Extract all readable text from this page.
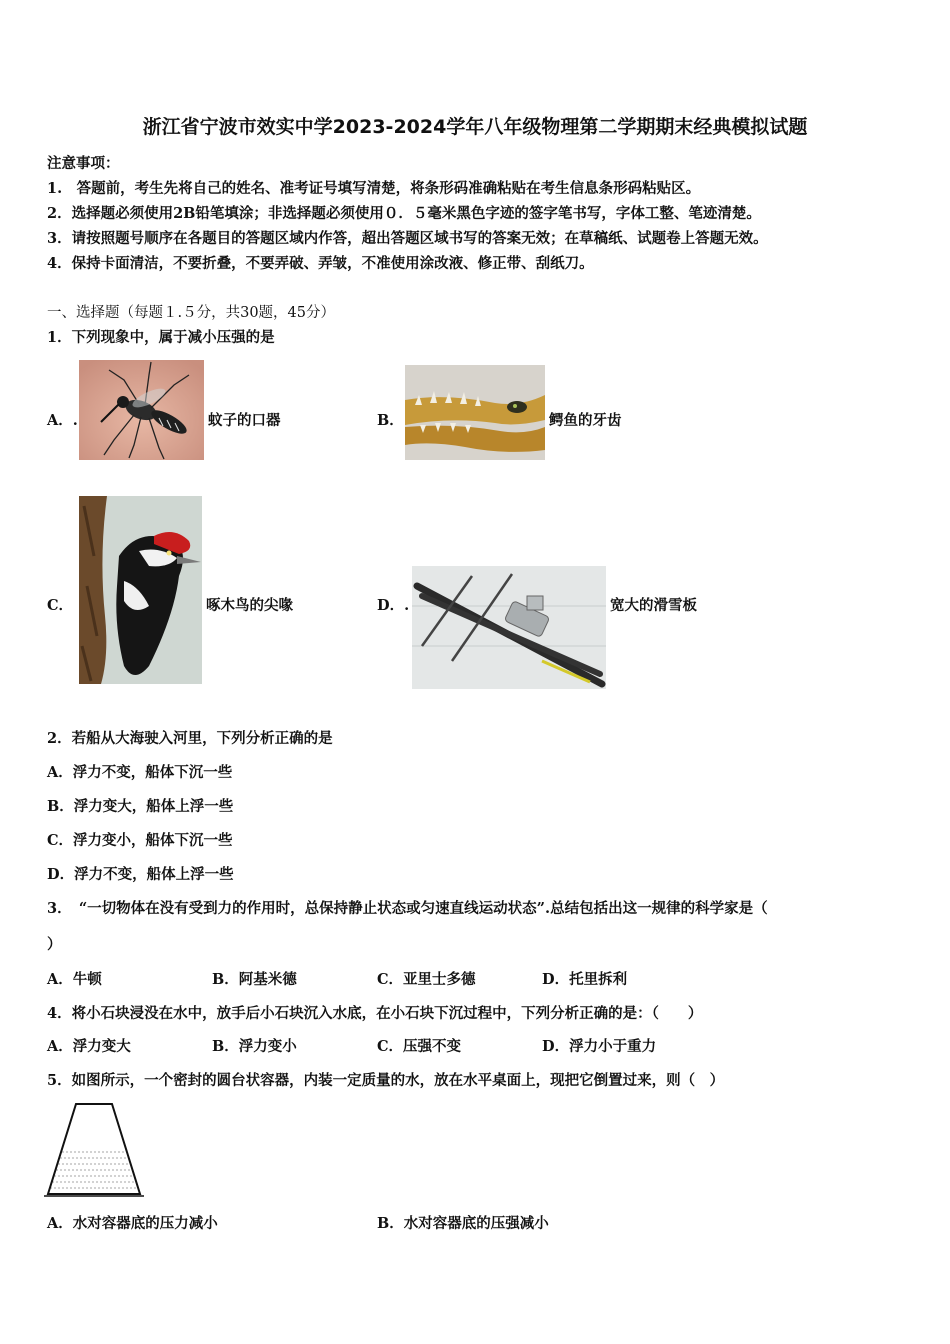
浙江省宁波市效实中学2023-2024学年八年级物理第二学期期末经典模拟试题
注意事项：
1.　答题前，考生先将自己的姓名、准考证号填写清楚，将条形码准确粘贴在考生信息条形码粘贴区。
2．选择题必须使用2B铅笔填涂；非选择题必须使用０．５毫米黑色字迹的签字笔书写，字体工整、笔迹清楚。
3．请按照题号顺序在各题目的答题区域内作答，超出答题区域书写的答案无效；在草稿纸、试题卷上答题无效。
4．保持卡面清洁，不要折叠，不要弄破、弄皱，不准使用涂改液、修正带、刮纸刀。
一、选择题（每题１.５分，共30题，45分）
1．下列现象中，属于减小压强的是
A．.	蚊子的口器	B．	鳄鱼的牙齿
C．	啄木鸟的尖喙	D．.	宽大的滑雪板
2．若船从大海驶入河里，下列分析正确的是
A．浮力不变，船体下沉一些
B．浮力变大，船体上浮一些
C．浮力变小，船体下沉一些
D．浮力不变，船体上浮一些
3．　“一切物体在没有受到力的作用时，总保持静止状态或匀速直线运动状态”.总结包括出这一规律的科学家是（
）
A．牛顿	B．阿基米德	C．亚里士多德	D．托里拆利
4．将小石块浸没在水中，放手后小石块沉入水底，在小石块下沉过程中，下列分析正确的是：（　　）
A．浮力变大	B．浮力变小	C．压强不变	D．浮力小于重力
5．如图所示，一个密封的圆台状容器，内装一定质量的水，放在水平桌面上，现把它倒置过来，则（　）
A．水对容器底的压力减小	B．水对容器底的压强减小
